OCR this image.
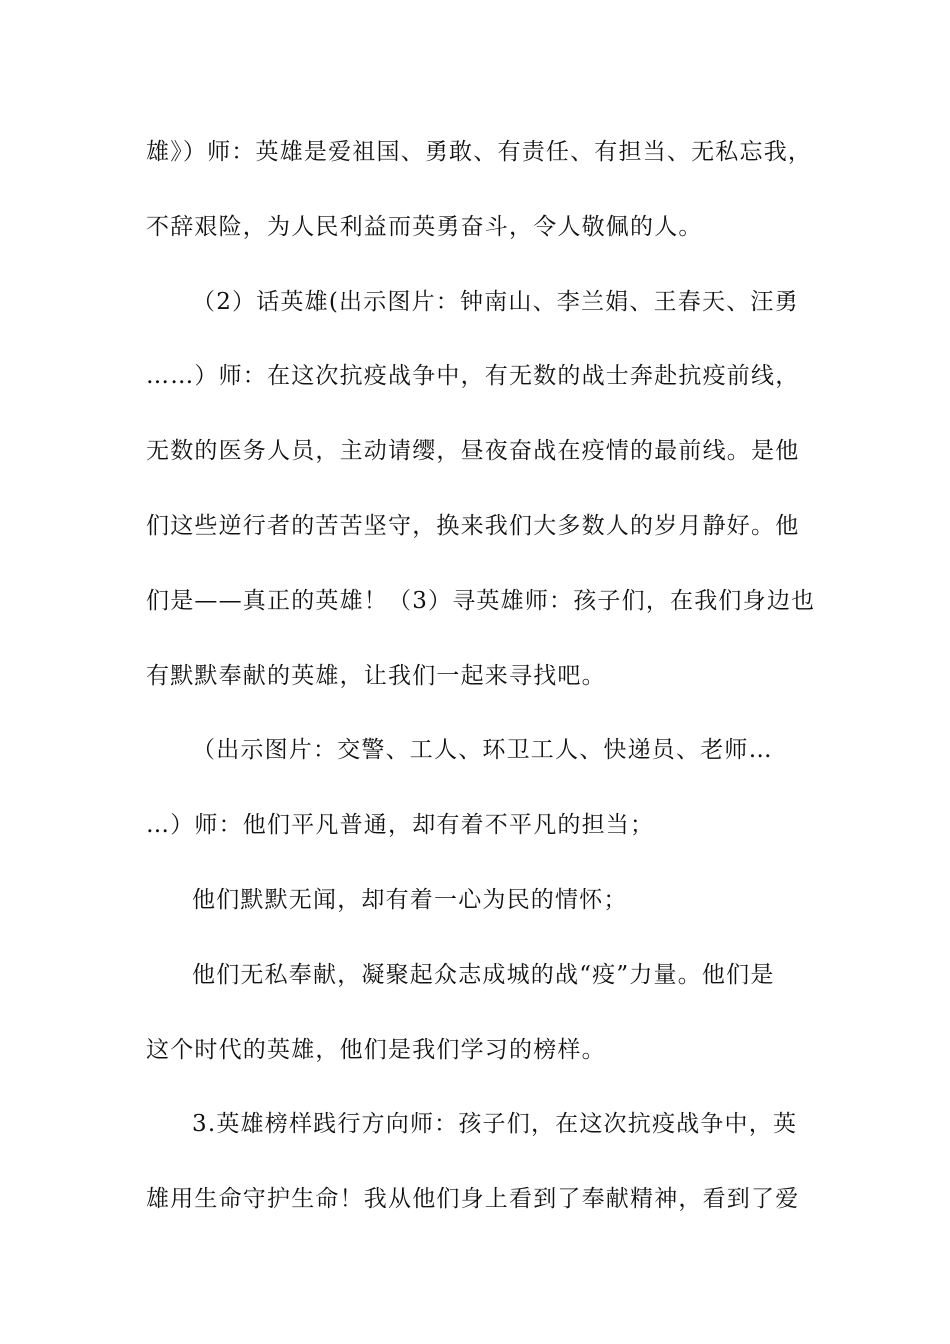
雄》）师：英雄是爱祖国、勇敢、有责任、有担当、无私忘我，
不辞艰险，为人民利益而英勇奋斗，令人敬佩的人。
（2）话英雄(出示图片：钟南山、李兰娟、王春天、汪勇
……）师：在这次抗疫战争中，有无数的战士奔赴抗疫前线，
无数的医务人员，主动请缨，昼夜奋战在疫情的最前线。是他
们这些逆行者的苦苦坚守，换来我们大多数人的岁月静好。他
们是——真正的英雄！（3）寻英雄师：孩子们，在我们身边也
有默默奉献的英雄，让我们一起来寻找吧。
（出示图片：交警、工人、环卫工人、快递员、老师…
…）师：他们平凡普通，却有着不平凡的担当；
他们默默无闻，却有着一心为民的情怀；
他们无私奉献，凝聚起众志成城的战“疫”力量。他们是
这个时代的英雄，他们是我们学习的榜样。
3.英雄榜样践行方向师：孩子们，在这次抗疫战争中，英
雄用生命守护生命！我从他们身上看到了奉献精神，看到了爱
